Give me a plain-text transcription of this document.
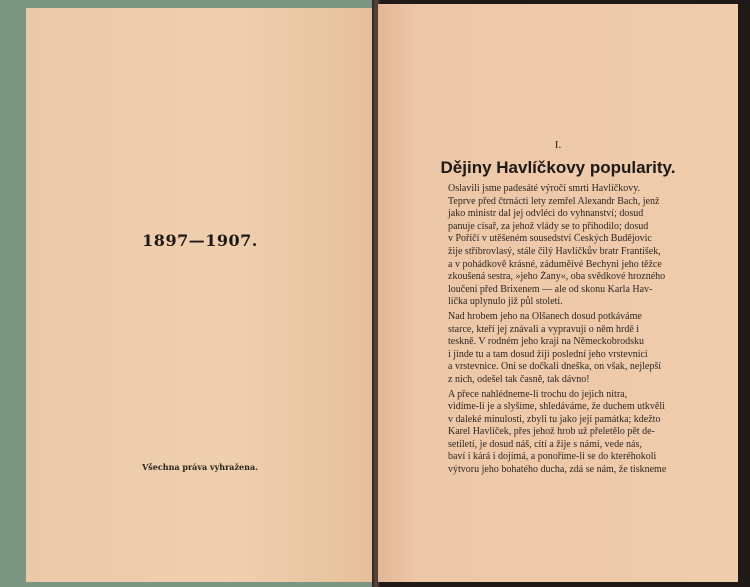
1897—1907.
Všechna práva vyhražena.
I.
Dějiny Havlíčkovy popularity.

Oslavili jsme padesáté výročí smrti Havlíčkovy.
Teprve před čtrnácti lety zemřel Alexandr Bach, jenž
jako ministr dal jej odvléci do vyhnanství; dosud
panuje císař, za jehož vlády se to přihodilo; dosud
v Poříčí v utěšeném sousedství Českých Budějovic
žije stříbrovlasý, stále čilý Havlíčkův bratr František,
a v pohádkově krásné, záduměivé Bechyni jeho těžce
zkoušená sestra, »jeho Žany«, oba svědkové hrozného
loučení před Brixenem — ale od skonu Karla Hav-
líčka uplynulo již půl století.

Nad hrobem jeho na Olšanech dosud potkáváme
starce, kteří jej znávali a vypravují o něm hrdě i
teskně. V rodném jeho kraji na Německobrodsku
i jinde tu a tam dosud žijí poslední jeho vrstevníci
a vrstevnice. Oni se dočkali dneška, on však, nejlepší
z nich, odešel tak časně, tak dávno!

A přece nahlédneme-li trochu do jejich nitra,
vidíme-li je a slyšíme, shledáváme, že duchem utkvěli
v daleké minulosti, zbyli tu jako její památka; kdežto
Karel Havlíček, přes jehož hrob už přeletělo pět de-
setiletí, je dosud náš, cítí a žije s námi, vede nás,
baví i kárá i dojímá, a ponoříme-li se do kteréhokoli
výtvoru jeho bohatého ducha, zdá se nám, že tiskneme
